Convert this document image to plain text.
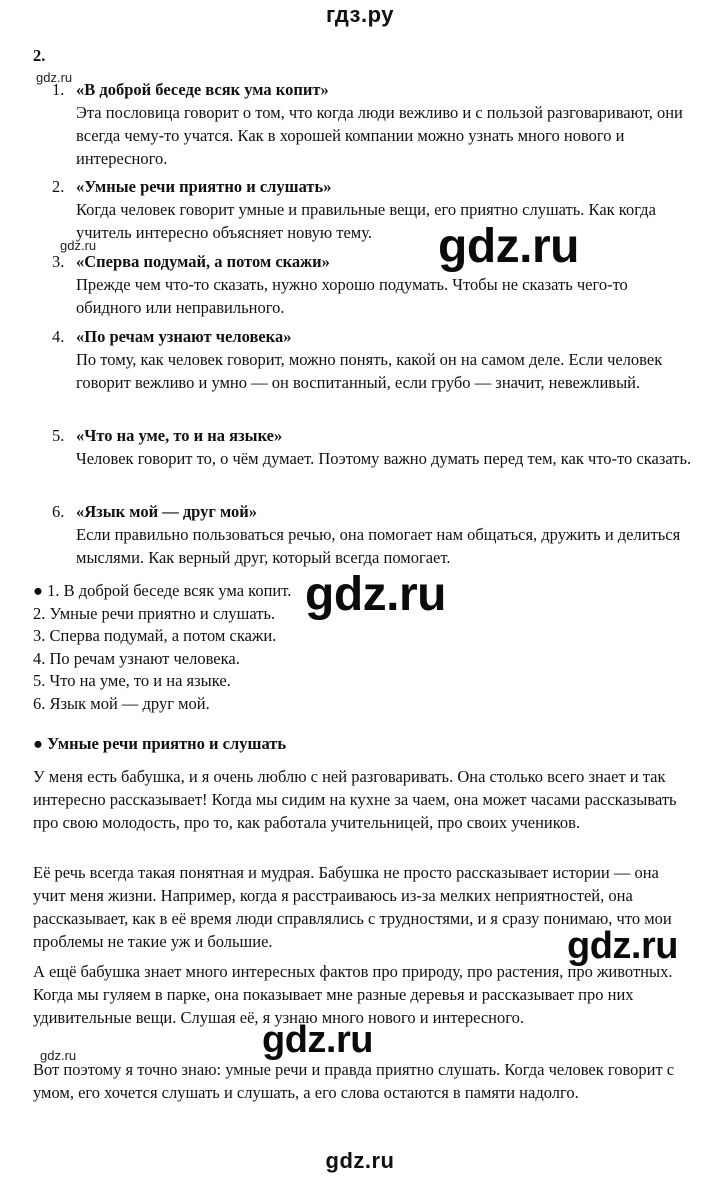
гдз.ру
2.
1. «В доброй беседе всяк ума копит»
Эта пословица говорит о том, что когда люди вежливо и с пользой разговаривают, они всегда чему-то учатся. Как в хорошей компании можно узнать много нового и интересного.
2. «Умные речи приятно и слушать»
Когда человек говорит умные и правильные вещи, его приятно слушать. Как когда учитель интересно объясняет новую тему.
3. «Сперва подумай, а потом скажи»
Прежде чем что-то сказать, нужно хорошо подумать. Чтобы не сказать чего-то обидного или неправильного.
4. «По речам узнают человека»
По тому, как человек говорит, можно понять, какой он на самом деле. Если человек говорит вежливо и умно — он воспитанный, если грубо — значит, невежливый.
5. «Что на уме, то и на языке»
Человек говорит то, о чём думает. Поэтому важно думать перед тем, как что-то сказать.
6. «Язык мой — друг мой»
Если правильно пользоваться речью, она помогает нам общаться, дружить и делиться мыслями. Как верный друг, который всегда помогает.
● 1. В доброй беседе всяк ума копит.
2. Умные речи приятно и слушать.
3. Сперва подумай, а потом скажи.
4. По речам узнают человека.
5. Что на уме, то и на языке.
6. Язык мой — друг мой.
● Умные речи приятно и слушать
У меня есть бабушка, и я очень люблю с ней разговаривать. Она столько всего знает и так интересно рассказывает! Когда мы сидим на кухне за чаем, она может часами рассказывать про свою молодость, про то, как работала учительницей, про своих учеников.
Её речь всегда такая понятная и мудрая. Бабушка не просто рассказывает истории — она учит меня жизни. Например, когда я расстраиваюсь из-за мелких неприятностей, она рассказывает, как в её время люди справлялись с трудностями, и я сразу понимаю, что мои проблемы не такие уж и большие.
А ещё бабушка знает много интересных фактов про природу, про растения, про животных. Когда мы гуляем в парке, она показывает мне разные деревья и рассказывает про них удивительные вещи. Слушая её, я узнаю много нового и интересного.
Вот поэтому я точно знаю: умные речи и правда приятно слушать. Когда человек говорит с умом, его хочется слушать и слушать, а его слова остаются в памяти надолго.
gdz.ru
gdz.ru
gdz.ru
gdz.ru
gdz.ru
gdz.ru
gdz.ru
gdz.ru
